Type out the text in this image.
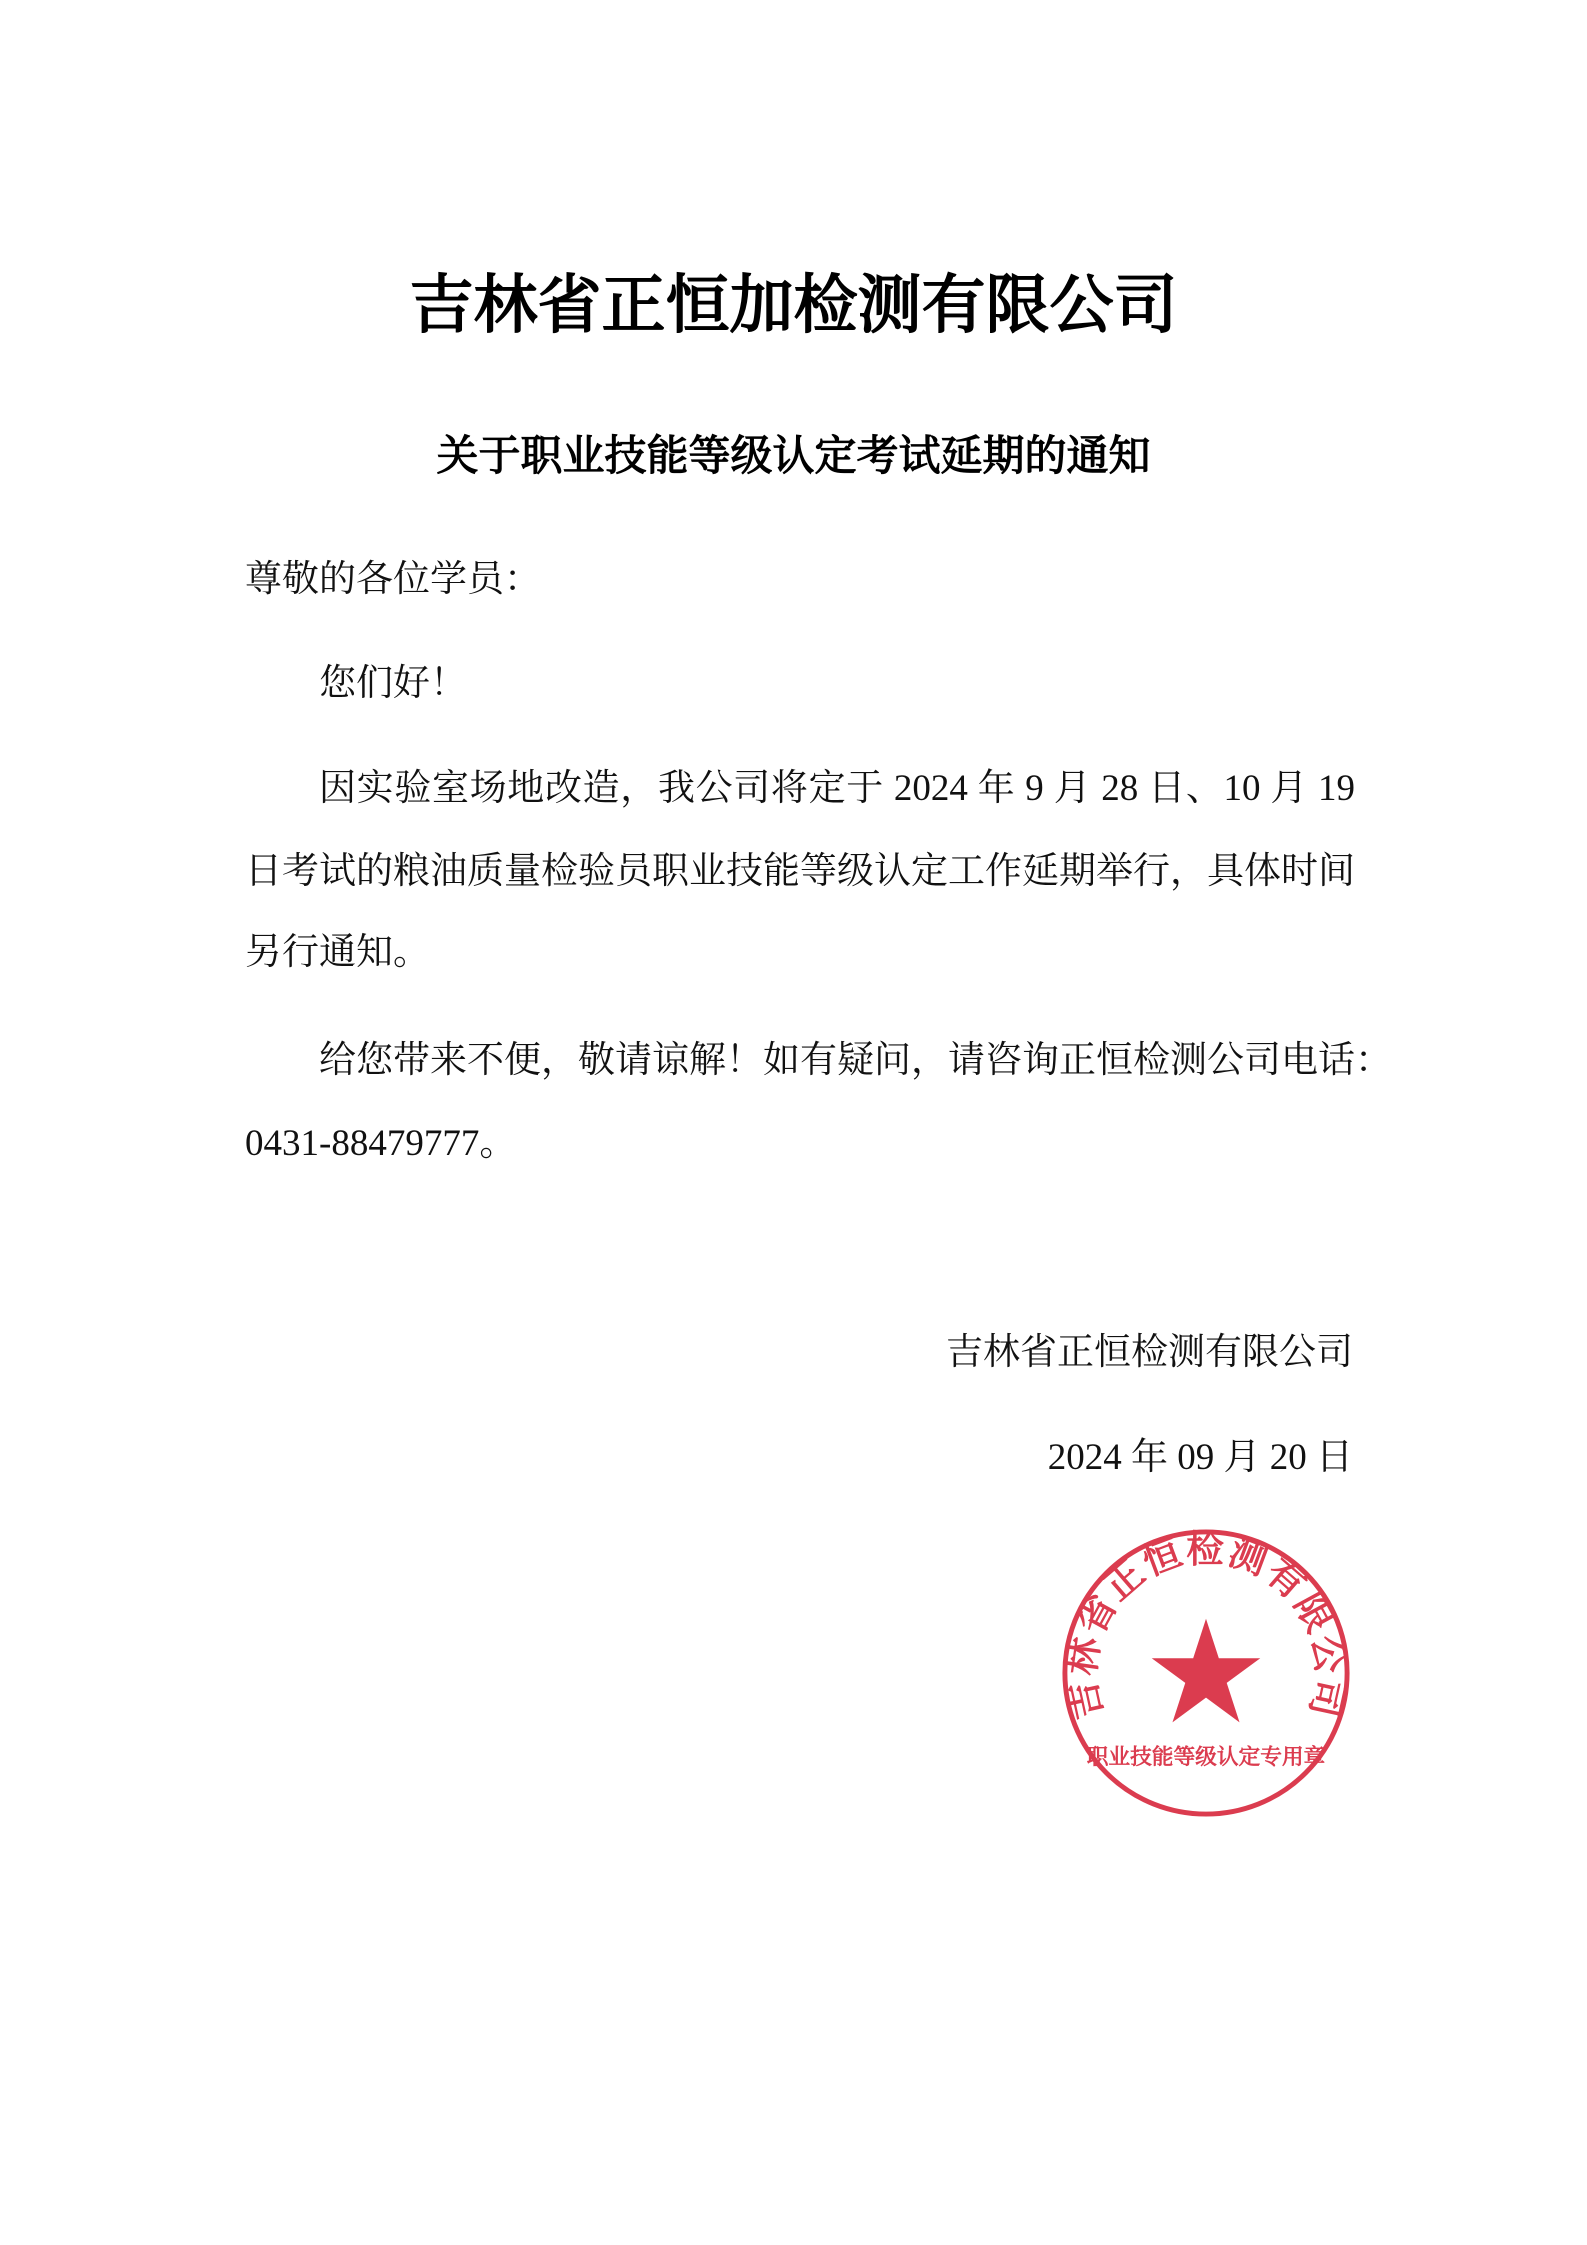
吉林省正恒加检测有限公司
关于职业技能等级认定考试延期的通知
尊敬的各位学员：
您们好！
因实验室场地改造，我公司将定于 2024 年 9 月 28 日、10 月 19
日考试的粮油质量检验员职业技能等级认定工作延期举行，具体时间
另行通知。
给您带来不便，敬请谅解！如有疑问，请咨询正恒检测公司电话：
0431-88479777。
吉林省正恒检测有限公司
2024 年 09 月 20 日
吉林省正恒检测有限公司
职业技能等级认定专用章
